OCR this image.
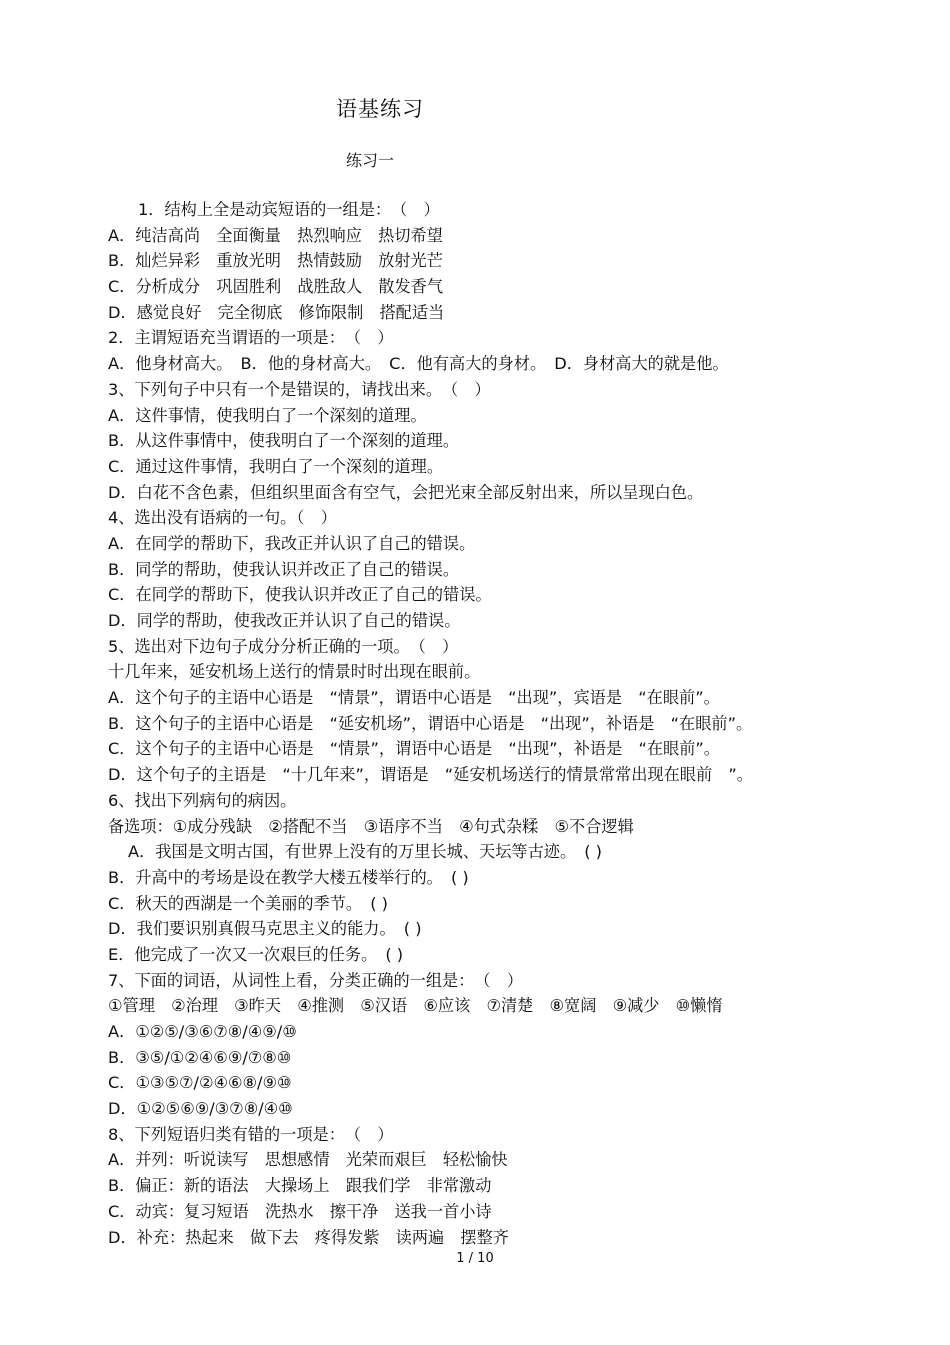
语基练习
练习一
1．结构上全是动宾短语的一组是：　（　）
A．纯洁高尚　全面衡量　热烈响应　热切希望
B．灿烂异彩　重放光明　热情鼓励　放射光芒
C．分析成分　巩固胜利　战胜敌人　散发香气
D．感觉良好　完全彻底　修饰限制　搭配适当
2．主谓短语充当谓语的一项是：　（　）
A．他身材高大。　B．他的身材高大。　C．他有高大的身材。　D．身材高大的就是他。
3、下列句子中只有一个是错误的，请找出来。　（　）
A．这件事情，使我明白了一个深刻的道理。
B．从这件事情中，使我明白了一个深刻的道理。
C．通过这件事情，我明白了一个深刻的道理。
D．白花不含色素，但组织里面含有空气，会把光束全部反射出来，所以呈现白色。
4、选出没有语病的一句。（　）
A．在同学的帮助下，我改正并认识了自己的错误。
B．同学的帮助，使我认识并改正了自己的错误。
C．在同学的帮助下，使我认识并改正了自己的错误。
D．同学的帮助，使我改正并认识了自己的错误。
5、选出对下边句子成分分析正确的一项。　（　）
十几年来，延安机场上送行的情景时时出现在眼前。
A．这个句子的主语中心语是　“情景”，谓语中心语是　“出现”，宾语是　“在眼前”。
B．这个句子的主语中心语是　“延安机场”，谓语中心语是　“出现”，补语是　“在眼前”。
C．这个句子的主语中心语是　“情景”，谓语中心语是　“出现”，补语是　“在眼前”。
D．这个句子的主语是　“十几年来”，谓语是　“延安机场送行的情景常常出现在眼前　”。
6、找出下列病句的病因。
备选项：①成分残缺　②搭配不当　③语序不当　④句式杂糅　⑤不合逻辑
A．我国是文明古国，有世界上没有的万里长城、天坛等古迹。　( )
B．升高中的考场是设在教学大楼五楼举行的。　( )
C．秋天的西湖是一个美丽的季节。　( )
D．我们要识别真假马克思主义的能力。　( )
E．他完成了一次又一次艰巨的任务。　( )
7、下面的词语，从词性上看，分类正确的一组是：　（　）
①管理　②治理　③昨天　④推测　⑤汉语　⑥应该　⑦清楚　⑧宽阔　⑨减少　⑩懒惰
A．①②⑤/③⑥⑦⑧/④⑨/⑩
B．③⑤/①②④⑥⑨/⑦⑧⑩
C．①③⑤⑦/②④⑥⑧/⑨⑩
D．①②⑤⑥⑨/③⑦⑧/④⑩
8、下列短语归类有错的一项是：　（　）
A．并列：听说读写　思想感情　光荣而艰巨　轻松愉快
B．偏正：新的语法　大操场上　跟我们学　非常激动
C．动宾：复习短语　洗热水　擦干净　送我一首小诗
D．补充：热起来　做下去　疼得发紫　读两遍　摆整齐
1 / 10
